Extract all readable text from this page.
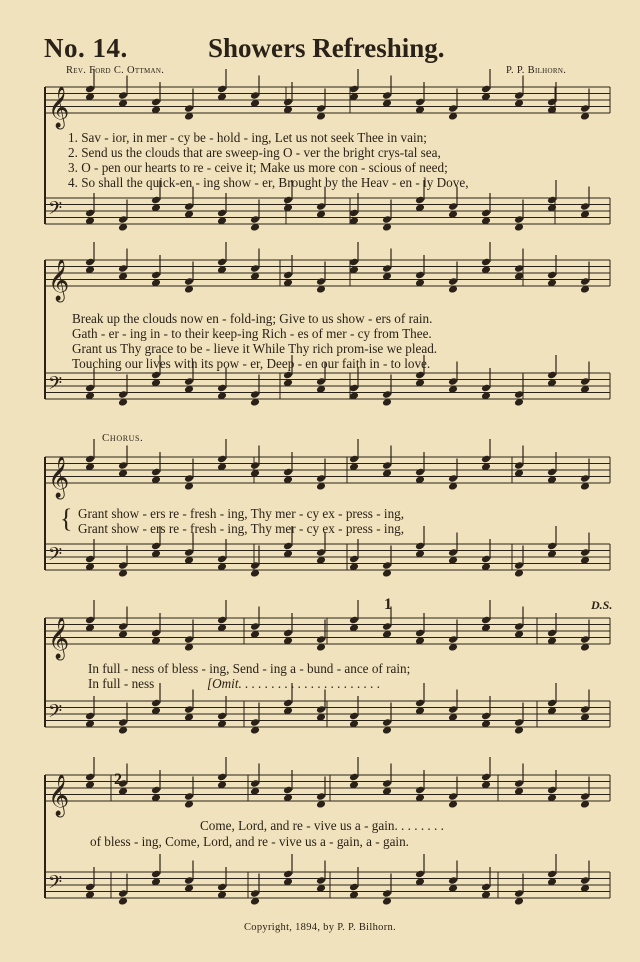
No. 14.	Showers Refreshing.
Rev. Ford C. Ottman.	P. P. Bilhorn.
𝄞
𝄢
𝄞
𝄢
𝄞
𝄢
𝄞
𝄢
𝄞
𝄢
1. Sav - ior, in mer - cy be - hold - ing, Let us not seek Thee in vain;
2. Send us the clouds that are sweep-ing O - ver the bright crys-tal sea,
3. O - pen our hearts to re - ceive it; Make us more con - scious of need;
4. So shall the quick-en - ing show - er, Brought by the Heav - en - ly Dove,
Break up the clouds now en - fold-ing; Give to us show - ers of rain.
Gath - er - ing in - to their keep-ing Rich - es of mer - cy from Thee.
Grant us Thy grace to be - lieve it While Thy rich prom-ise we plead.
Touching our lives with its pow - er, Deep - en our faith in - to love.
Chorus.
{ Grant show - ers re - fresh - ing, Thy mer - cy ex - press - ing,
Grant show - ers re - fresh - ing, Thy mer - cy ex - press - ing,
1	D.S.
In full - ness of bless - ing, Send - ing a - bund - ance of rain;
In full - ness	[Omit. . . . . . . . . . . . . . . . . . . . . .
2
Come, Lord, and re - vive us a - gain. . . . . . . .
of bless - ing, Come, Lord, and re - vive us a - gain, a - gain.
Copyright, 1894, by P. P. Bilhorn.
